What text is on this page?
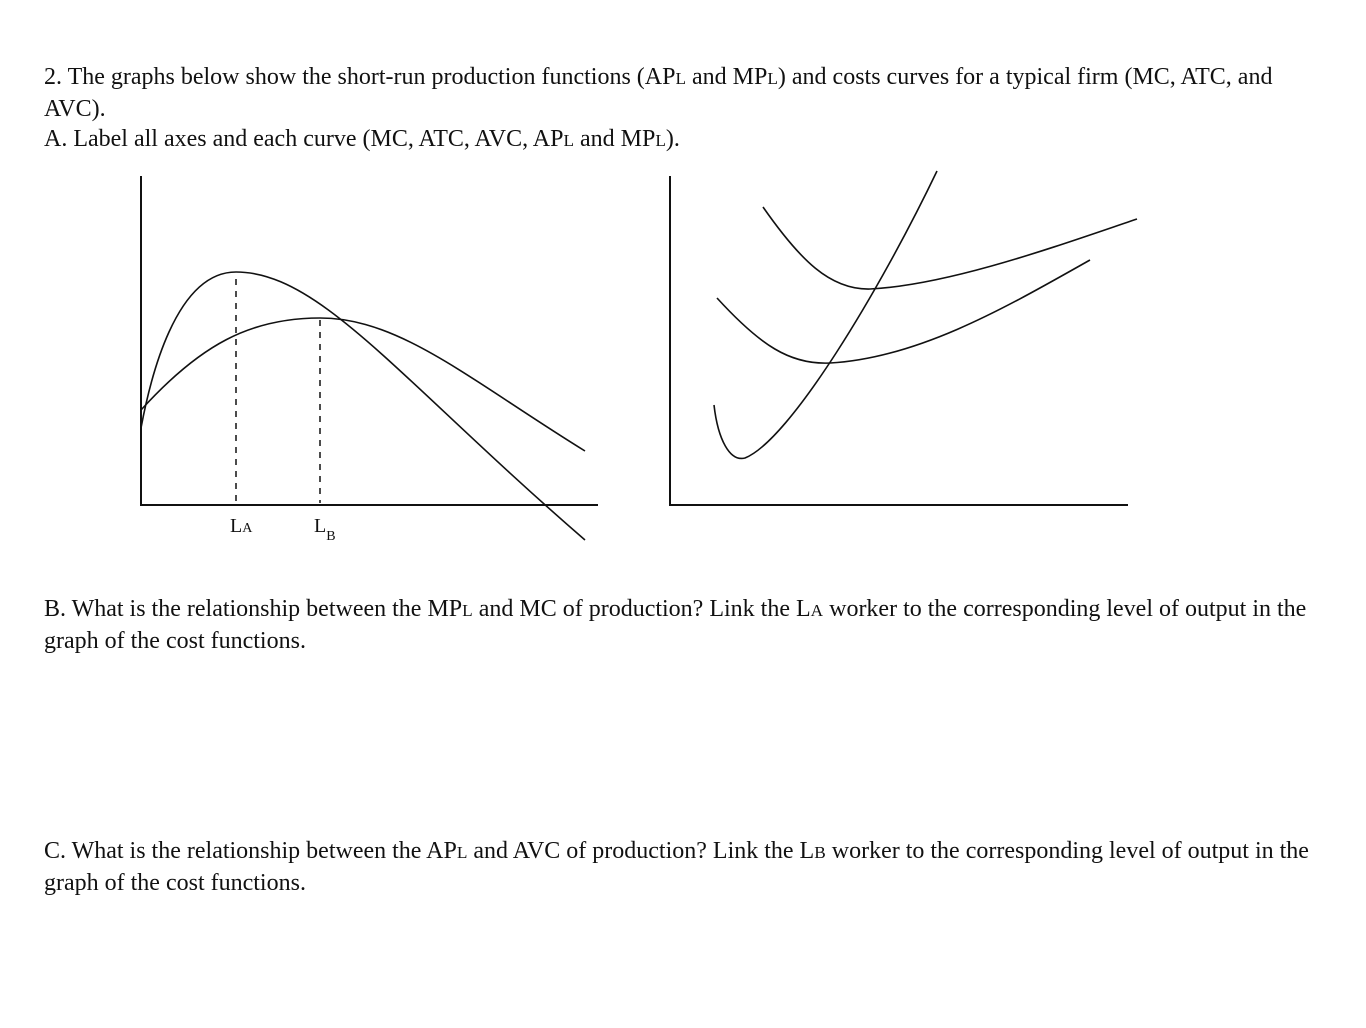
2. The graphs below show the short-run production functions (APL and MPL) and costs curves for a typical firm (MC, ATC, and AVC).

A. Label all axes and each curve (MC, ATC, AVC, APL and MPL).

LA	$L_B$

B. What is the relationship between the MPL and MC of production? Link the LA worker to the corresponding level of output in the graph of the cost functions.

C. What is the relationship between the APL and AVC of production? Link the LB worker to the corresponding level of output in the graph of the cost functions.
